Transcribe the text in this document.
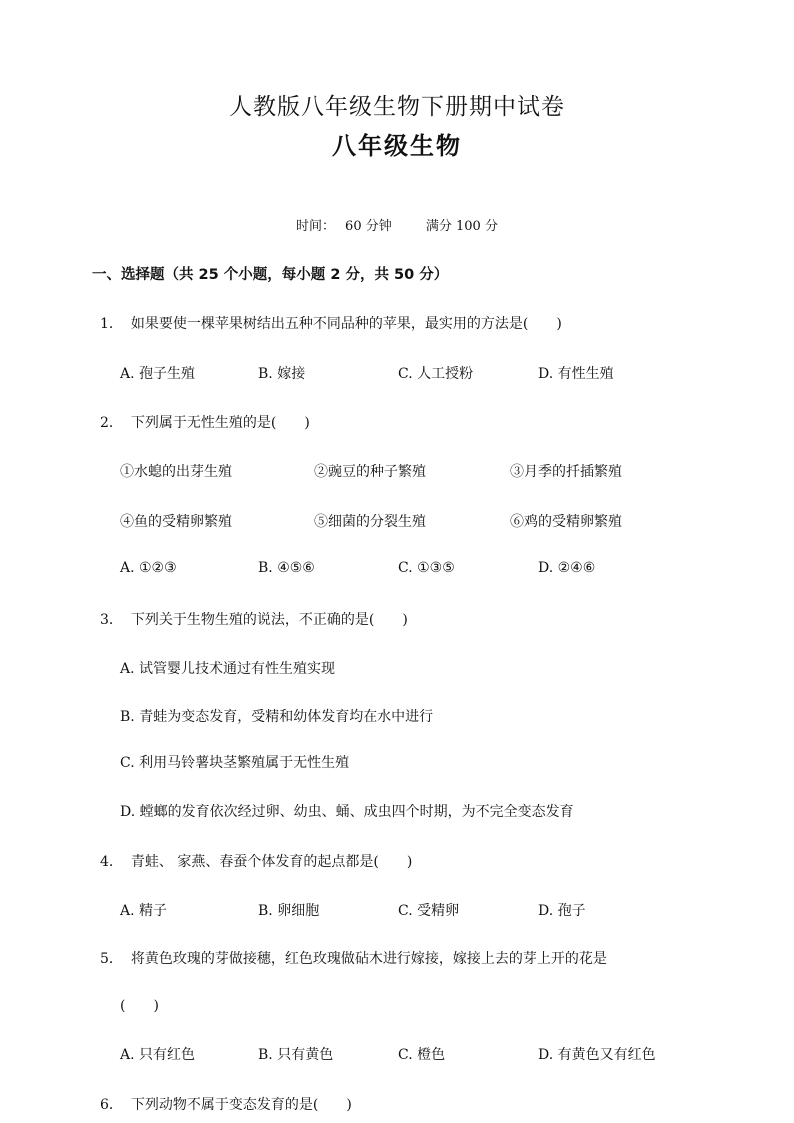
人教版八年级生物下册期中试卷
八年级生物
时间： 60 分钟	满分 100 分
一、选择题（共 25 个小题，每小题 2 分，共 50 分）
1． 如果要使一棵苹果树结出五种不同品种的苹果，最实用的方法是(　　)
A. 孢子生殖	B. 嫁接	C. 人工授粉	D. 有性生殖
2． 下列属于无性生殖的是(　　)
①水螅的出芽生殖	②豌豆的种子繁殖	③月季的扦插繁殖
④鱼的受精卵繁殖	⑤细菌的分裂生殖	⑥鸡的受精卵繁殖
A. ①②③	B. ④⑤⑥	C. ①③⑤	D. ②④⑥
3． 下列关于生物生殖的说法，不正确的是(　　)
A. 试管婴儿技术通过有性生殖实现
B. 青蛙为变态发育，受精和幼体发育均在水中进行
C. 利用马铃薯块茎繁殖属于无性生殖
D. 螳螂的发育依次经过卵、幼虫、蛹、成虫四个时期，为不完全变态发育
4． 青蛙、 家燕、春蚕个体发育的起点都是(　　)
A. 精子	B. 卵细胞	C. 受精卵	D. 孢子
5． 将黄色玫瑰的芽做接穗，红色玫瑰做砧木进行嫁接，嫁接上去的芽上开的花是
(　　)
A. 只有红色	B. 只有黄色	C. 橙色	D. 有黄色又有红色
6． 下列动物不属于变态发育的是(　　)
